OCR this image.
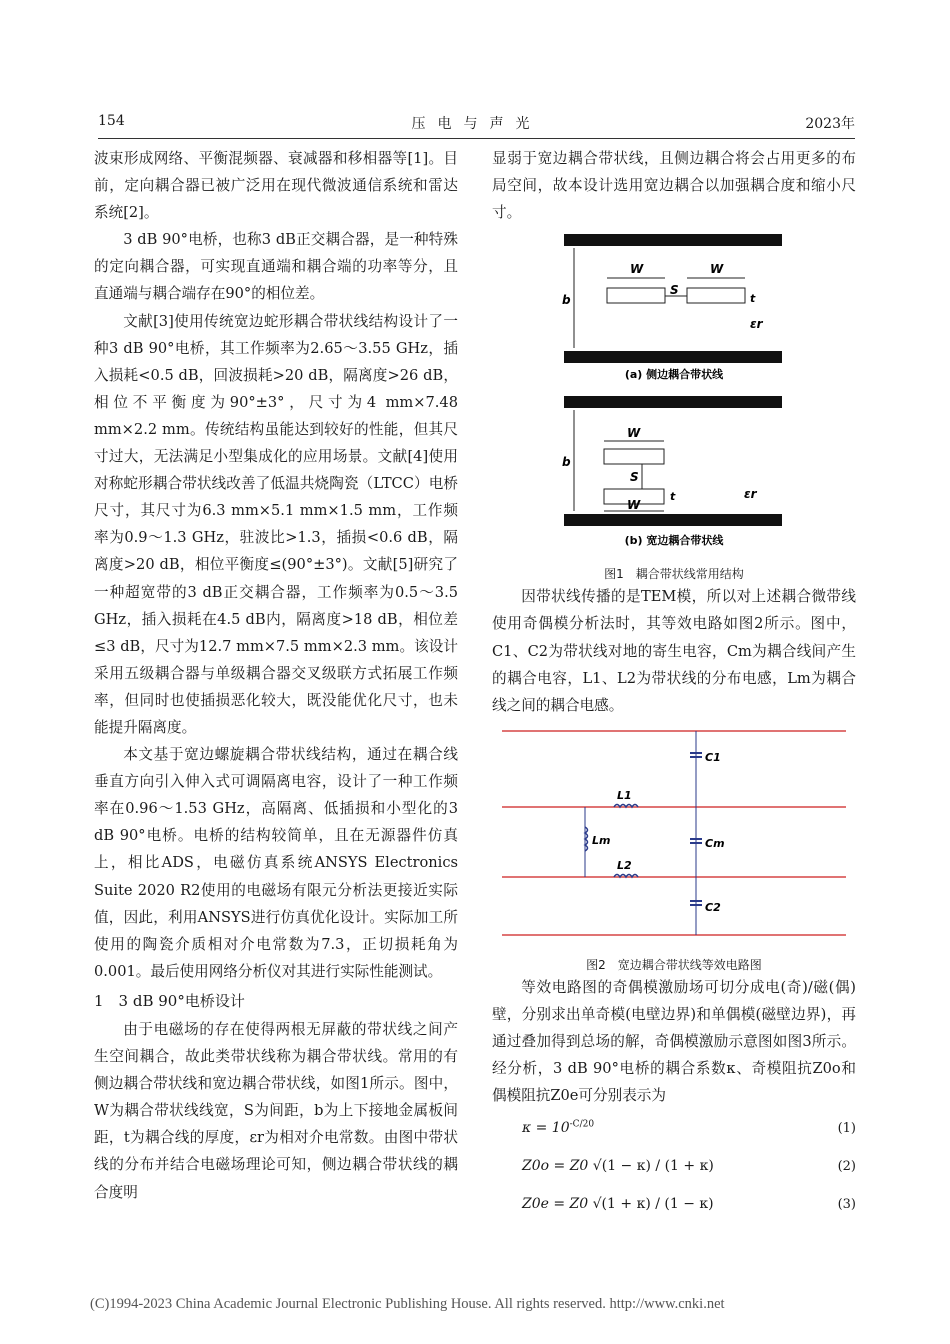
154	压电与声光	2023年

波束形成网络、平衡混频器、衰减器和移相器等[1]。目前，定向耦合器已被广泛用在现代微波通信系统和雷达系统[2]。

3 dB 90°电桥，也称3 dB正交耦合器，是一种特殊的定向耦合器，可实现直通端和耦合端的功率等分，且直通端与耦合端存在90°的相位差。

文献[3]使用传统宽边蛇形耦合带状线结构设计了一种3 dB 90°电桥，其工作频率为2.65～3.55 GHz，插入损耗<0.5 dB，回波损耗>20 dB，隔离度>26 dB，相位不平衡度为90°±3°，尺寸为4 mm×7.48 mm×2.2 mm。传统结构虽能达到较好的性能，但其尺寸过大，无法满足小型集成化的应用场景。文献[4]使用对称蛇形耦合带状线改善了低温共烧陶瓷（LTCC）电桥尺寸，其尺寸为6.3 mm×5.1 mm×1.5 mm，工作频率为0.9～1.3 GHz，驻波比>1.3，插损<0.6 dB，隔离度>20 dB，相位平衡度≤(90°±3°)。文献[5]研究了一种超宽带的3 dB正交耦合器，工作频率为0.5～3.5 GHz，插入损耗在4.5 dB内，隔离度>18 dB，相位差≤3 dB，尺寸为12.7 mm×7.5 mm×2.3 mm。该设计采用五级耦合器与单级耦合器交叉级联方式拓展工作频率，但同时也使插损恶化较大，既没能优化尺寸，也未能提升隔离度。

本文基于宽边螺旋耦合带状线结构，通过在耦合线垂直方向引入伸入式可调隔离电容，设计了一种工作频率在0.96～1.53 GHz，高隔离、低插损和小型化的3 dB 90°电桥。电桥的结构较简单，且在无源器件仿真上，相比ADS，电磁仿真系统ANSYS Electronics Suite 2020 R2使用的电磁场有限元分析法更接近实际值，因此，利用ANSYS进行仿真优化设计。实际加工所使用的陶瓷介质相对介电常数为7.3，正切损耗角为0.001。最后使用网络分析仪对其进行实际性能测试。

1　3 dB 90°电桥设计

由于电磁场的存在使得两根无屏蔽的带状线之间产生空间耦合，故此类带状线称为耦合带状线。常用的有侧边耦合带状线和宽边耦合带状线，如图1所示。图中，W为耦合带状线线宽，S为间距，b为上下接地金属板间距，t为耦合线的厚度，εr为相对介电常数。由图中带状线的分布并结合电磁场理论可知，侧边耦合带状线的耦合度明

显弱于宽边耦合带状线，且侧边耦合将会占用更多的布局空间，故本设计选用宽边耦合以加强耦合度和缩小尺寸。

b
W	W
S
t
εr
(a) 侧边耦合带状线
b
W
W
S
t	εr
(b) 宽边耦合带状线
图1　耦合带状线常用结构

因带状线传播的是TEM模，所以对上述耦合微带线使用奇偶模分析法时，其等效电路如图2所示。图中，C1、C2为带状线对地的寄生电容，Cm为耦合线间产生的耦合电容，L1、L2为带状线的分布电感，Lm为耦合线之间的耦合电感。

C1
Cm
C2
L1
Lm
L2
图2　宽边耦合带状线等效电路图

等效电路图的奇偶模激励场可切分成电(奇)/磁(偶)壁，分别求出单奇模(电壁边界)和单偶模(磁壁边界)，再通过叠加得到总场的解，奇偶模激励示意图如图3所示。经分析，3 dB 90°电桥的耦合系数κ、奇模阻抗Z0o和偶模阻抗Z0e可分别表示为

$\kappa = 10^{-C/20}$	(1)
Z0o = Z0 √(1 − κ) / (1 + κ)	(2)
Z0e = Z0 √(1 + κ) / (1 − κ)	(3)
(C)1994-2023 China Academic Journal Electronic Publishing House. All rights reserved. http://www.cnki.net
